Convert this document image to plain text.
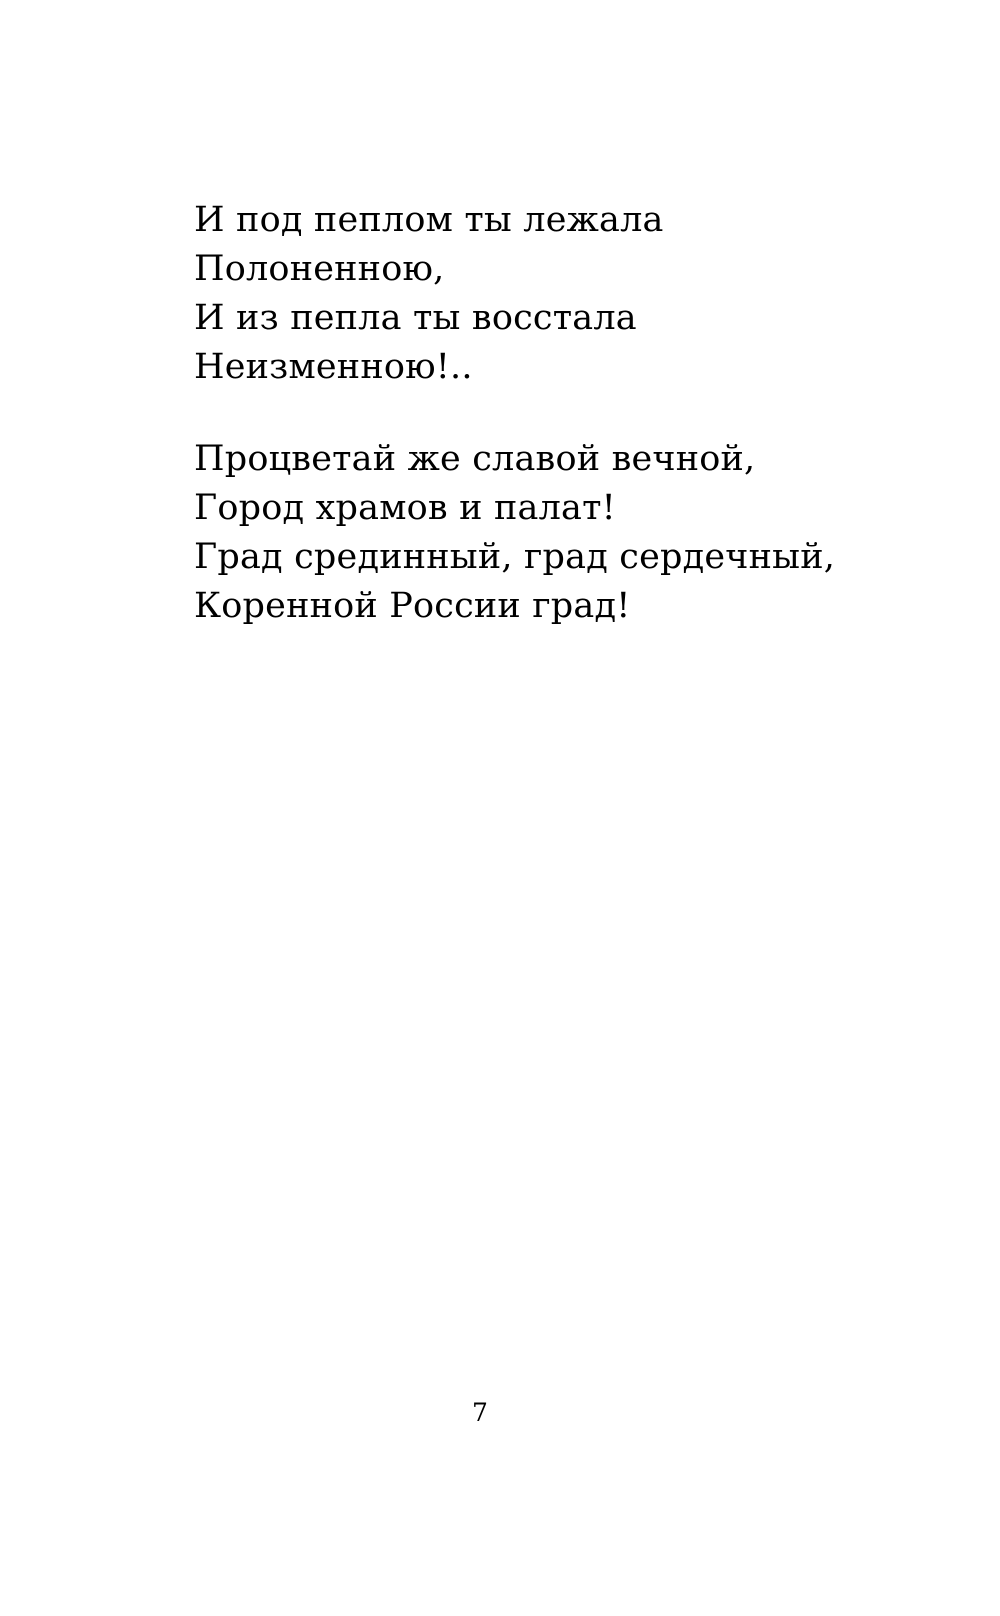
И под пеплом ты лежала
Полоненною,
И из пепла ты восстала
Неизменною!..
Процветай же славой вечной,
Город храмов и палат!
Град срединный, град сердечный,
Коренной России град!
7
